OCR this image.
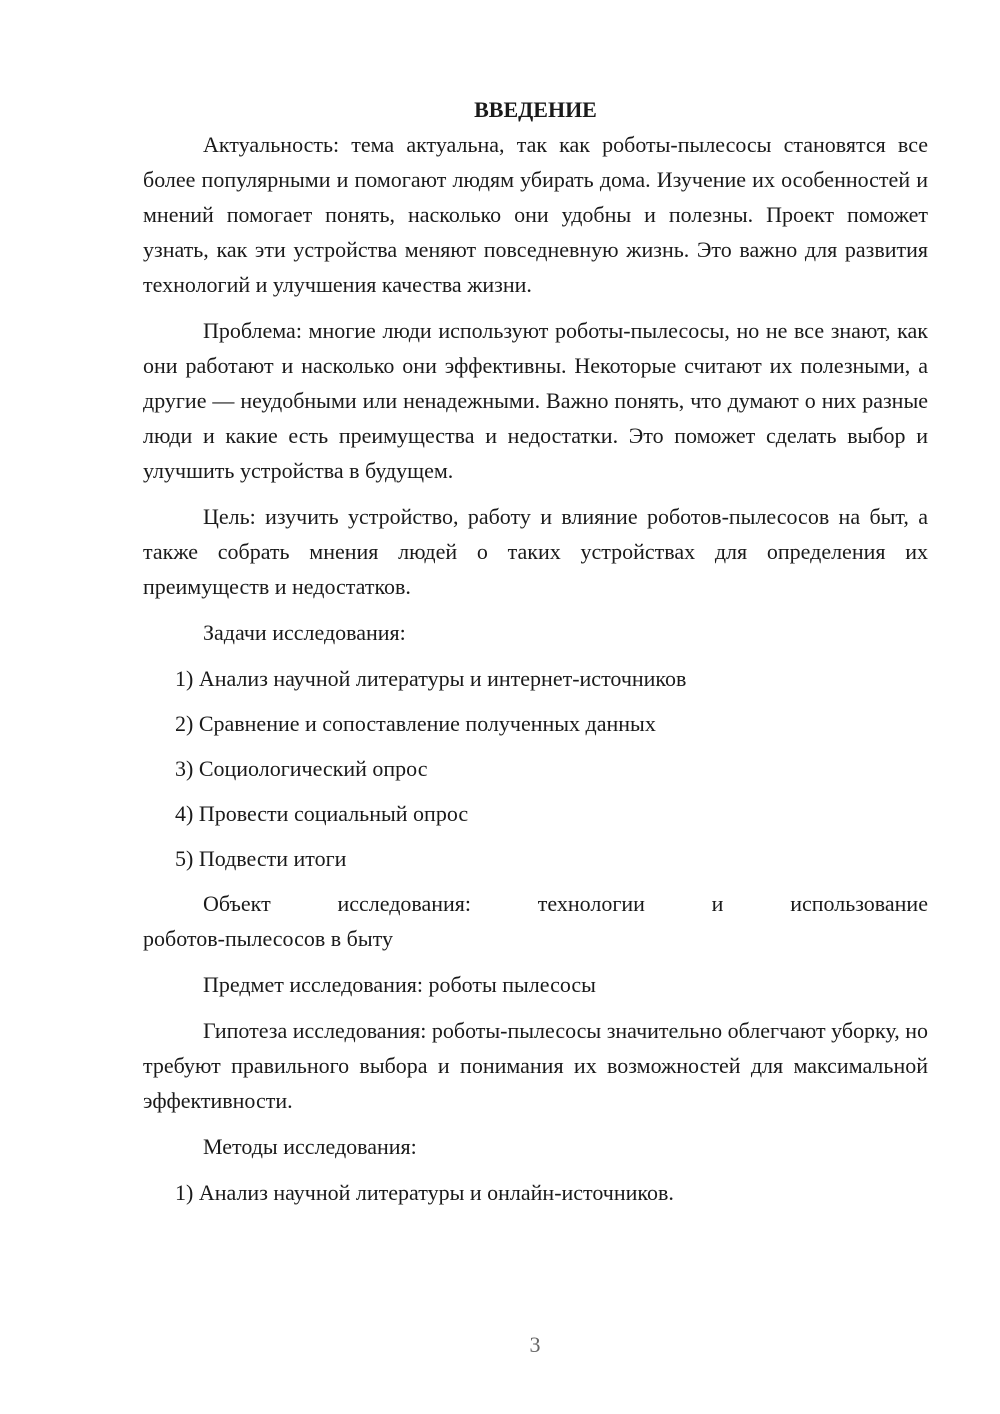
ВВЕДЕНИЕ

Актуальность: тема актуальна, так как роботы-пылесосы становятся все более популярными и помогают людям убирать дома. Изучение их особенностей и мнений помогает понять, насколько они удобны и полезны. Проект поможет узнать, как эти устройства меняют повседневную жизнь. Это важно для развития технологий и улучшения качества жизни.

Проблема: многие люди используют роботы-пылесосы, но не все знают, как они работают и насколько они эффективны. Некоторые считают их полезными, а другие — неудобными или ненадежными. Важно понять, что думают о них разные люди и какие есть преимущества и недостатки. Это поможет сделать выбор и улучшить устройства в будущем.

Цель: изучить устройство, работу и влияние роботов-пылесосов на быт, а также собрать мнения людей о таких устройствах для определения их преимуществ и недостатков.

Задачи исследования:

1) Анализ научной литературы и интернет-источников

2) Сравнение и сопоставление полученных данных

3) Социологический опрос

4) Провести социальный опрос

5) Подвести итоги

Объект	исследования:	технологии	и	использование
роботов-пылесосов в быту

Предмет исследования: роботы пылесосы

Гипотеза исследования: роботы-пылесосы значительно облегчают уборку, но требуют правильного выбора и понимания их возможностей для максимальной эффективности.

Методы исследования:

1) Анализ научной литературы и онлайн-источников.

3
